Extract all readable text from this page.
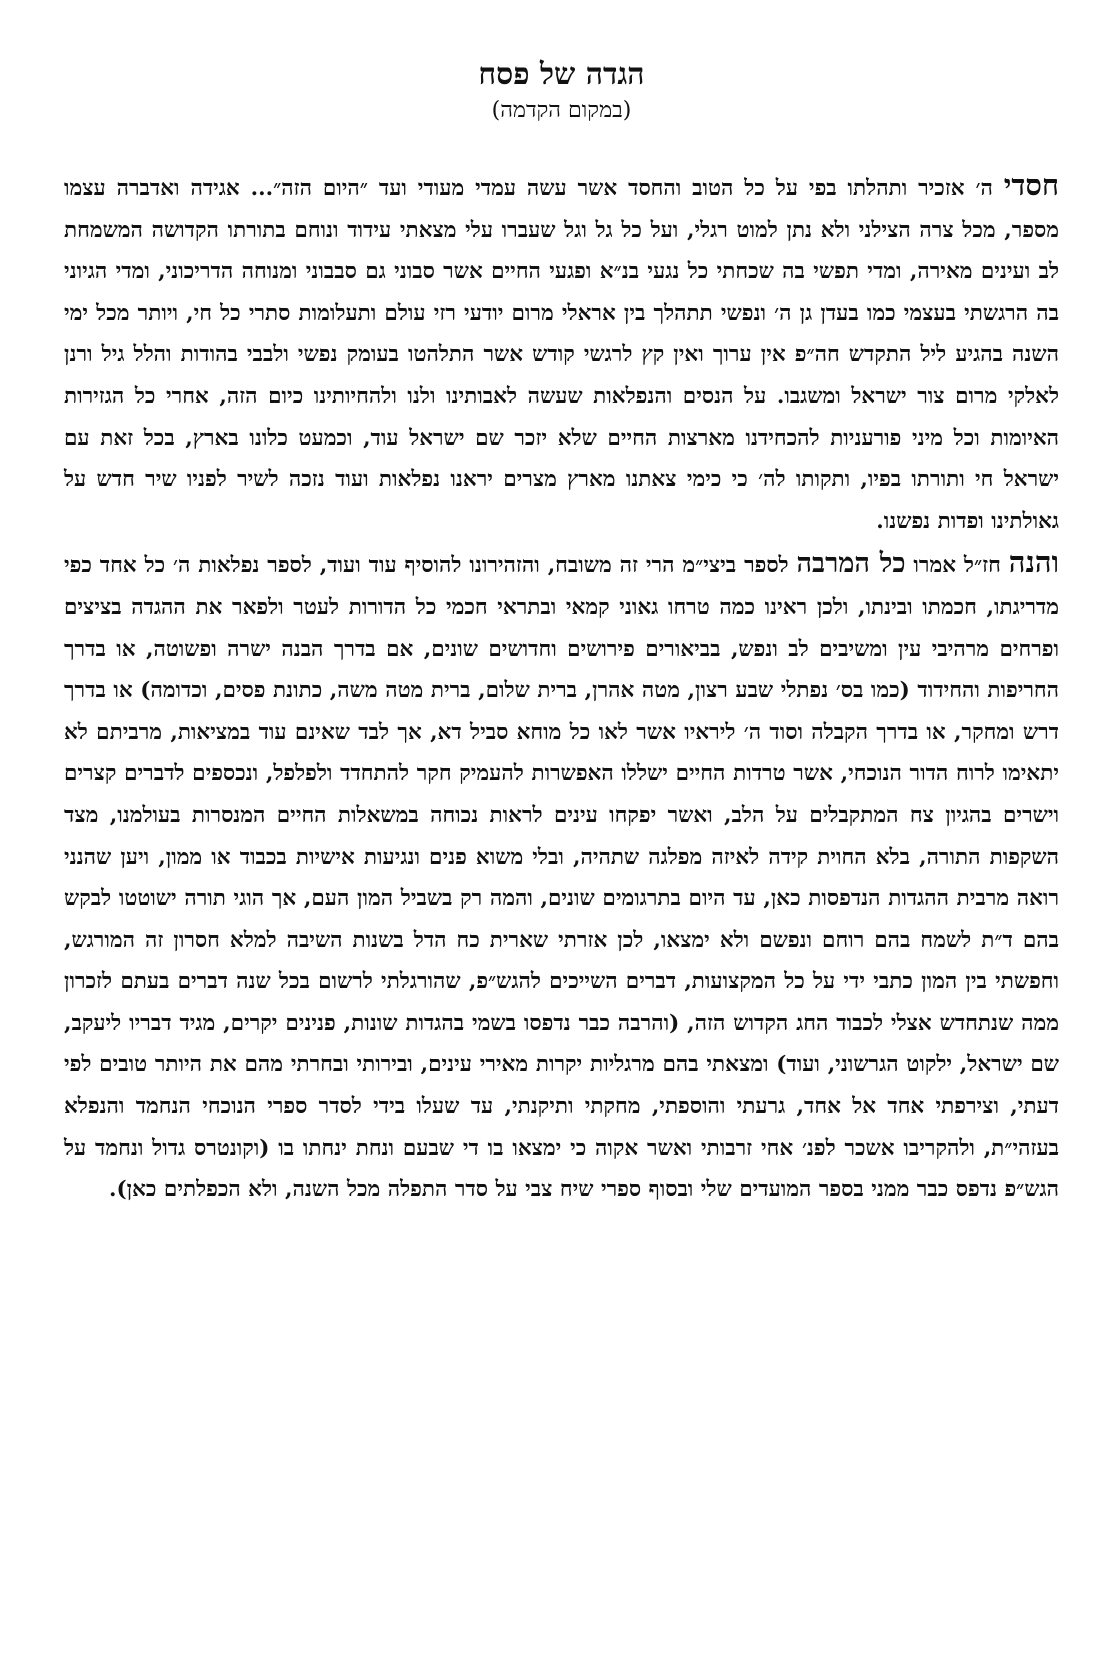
הגדה של פסח
(במקום הקדמה)

חסדי ה׳ אזכיר ותהלתו בפי על כל הטוב והחסד אשר עשה עמדי מעודי ועד ״היום הזה״... אגידה ואדברה עצמו מספר, מכל צרה הצילני ולא נתן למוט רגלי, ועל כל גל וגל שעברו עלי מצאתי עידוד ונוחם בתורתו הקדושה המשמחת לב ועינים מאירה, ומדי תפשי בה שכחתי כל נגעי בנ״א ופגעי החיים אשר סבוני גם סבבוני ומנוחה הדריכוני, ומדי הגיוני בה הרגשתי בעצמי כמו בעדן גן ה׳ ונפשי תתהלך בין אראלי מרום יודעי רזי עולם ותעלומות סתרי כל חי, ויותר מכל ימי השנה בהגיע ליל התקדש חה״פ אין ערוך ואין קץ לרגשי קודש אשר התלהטו בעומק נפשי ולבבי בהודות והלל גיל ורנן לאלקי מרום צור ישראל ומשגבו. על הנסים והנפלאות שעשה לאבותינו ולנו ולהחיותינו כיום הזה, אחרי כל הגזירות האיומות וכל מיני פורעניות להכחידנו מארצות החיים שלא יזכר שם ישראל עוד, וכמעט כלונו בארץ, בכל זאת עם ישראל חי ותורתו בפיו, ותקותו לה׳ כי כימי צאתנו מארץ מצרים יראנו נפלאות ועוד נזכה לשיר לפניו שיר חדש על גאולתינו ופדות נפשנו.

והנה חז״ל אמרו כל המרבה לספר ביצי״מ הרי זה משובח, והזהירונו להוסיף עוד ועוד, לספר נפלאות ה׳ כל אחד כפי מדריגתו, חכמתו ובינתו, ולכן ראינו כמה טרחו גאוני קמאי ובתראי חכמי כל הדורות לעטר ולפאר את ההגדה בציצים ופרחים מרהיבי עין ומשיבים לב ונפש, בביאורים פירושים וחדושים שונים, אם בדרך הבנה ישרה ופשוטה, או בדרך החריפות והחידוד (כמו בס׳ נפתלי שבע רצון, מטה אהרן, ברית שלום, ברית מטה משה, כתונת פסים, וכדומה) או בדרך דרש ומחקר, או בדרך הקבלה וסוד ה׳ ליראיו אשר לאו כל מוחא סביל דא, אך לבד שאינם עוד במציאות, מרביתם לא יתאימו לרוח הדור הנוכחי, אשר טרדות החיים ישללו האפשרות להעמיק חקר להתחדד ולפלפל, ונכספים לדברים קצרים וישרים בהגיון צח המתקבלים על הלב, ואשר יפקחו עינים לראות נכוחה במשאלות החיים המנסרות בעולמנו, מצד השקפות התורה, בלא החוית קידה לאיזה מפלגה שתהיה, ובלי משוא פנים ונגיעות אישיות בכבוד או ממון, ויען שהנני רואה מרבית ההגדות הנדפסות כאן, עד היום בתרגומים שונים, והמה רק בשביל המון העם, אך הוגי תורה ישוטטו לבקש בהם ד״ת לשמח בהם רוחם ונפשם ולא ימצאו, לכן אזרתי שארית כח הדל בשנות השיבה למלא חסרון זה המורגש, וחפשתי בין המון כתבי ידי על כל המקצועות, דברים השייכים להגש״פ, שהורגלתי לרשום בכל שנה דברים בעתם לזכרון ממה שנתחדש אצלי לכבוד החג הקדוש הזה, (והרבה כבר נדפסו בשמי בהגדות שונות, פנינים יקרים, מגיד דבריו ליעקב, שם ישראל, ילקוט הגרשוני, ועוד) ומצאתי בהם מרגליות יקרות מאירי עינים, ובירותי ובחרתי מהם את היותר טובים לפי דעתי, וצירפתי אחד אל אחד, גרעתי והוספתי, מחקתי ותיקנתי, עד שעלו בידי לסדר ספרי הנוכחי הנחמד והנפלא בעזהי״ת, ולהקריבו אשכר לפנ׳ אחי זרבותי ואשר אקוה כי ימצאו בו די שבעם ונחת ינחתו בו (וקונטרס גדול ונחמד על הגש״פ נדפס כבר ממני בספר המועדים שלי ובסוף ספרי שיח צבי על סדר התפלה מכל השנה, ולא הכפלתים כאן).
